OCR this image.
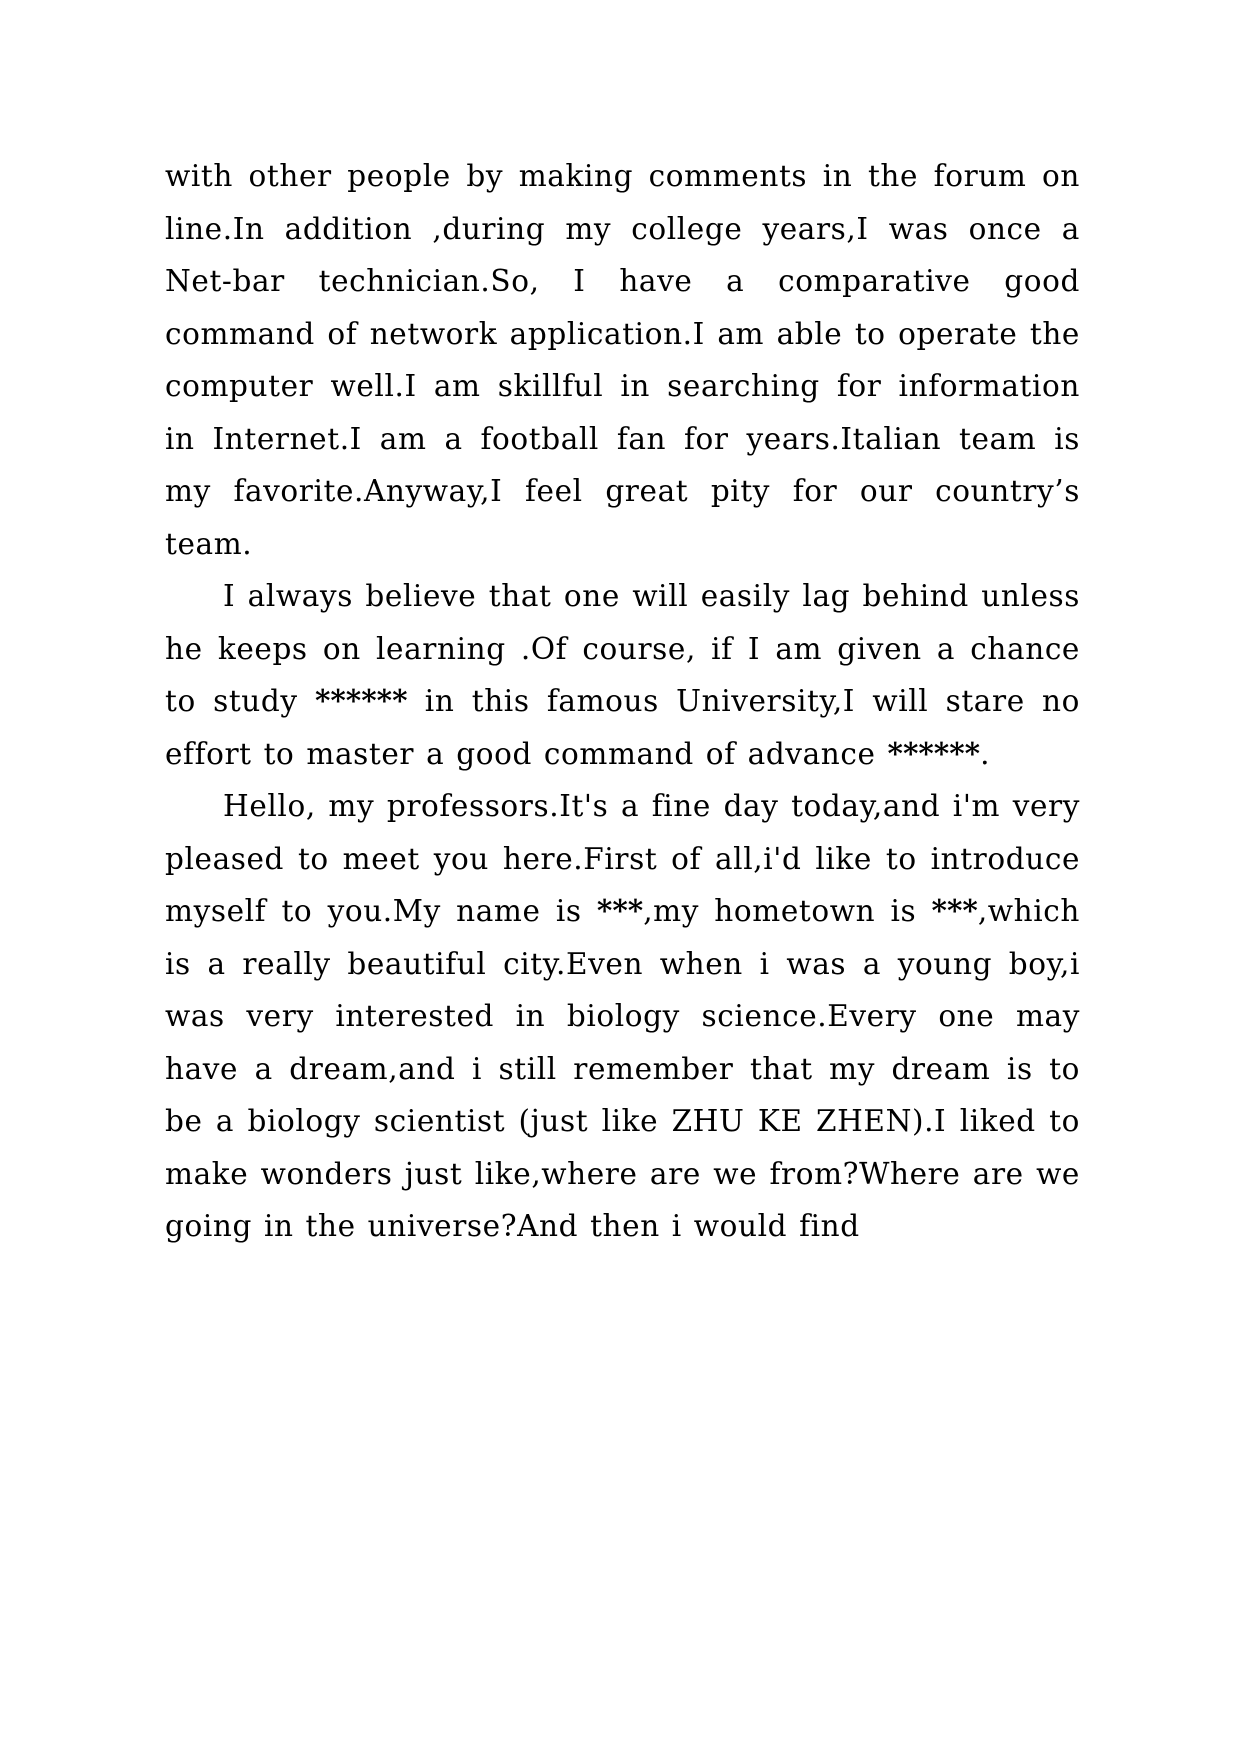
with other people by making comments in the forum on line.In addition ,during my college years,I was once a Net-bar technician.So, I have a comparative good command of network application.I am able to operate the computer well.I am skillful in searching for information in Internet.I am a football fan for years.Italian team is my favorite.Anyway,I feel great pity for our country’s team.

I always believe that one will easily lag behind unless he keeps on learning .Of course, if I am given a chance to study ****** in this famous University,I will stare no effort to master a good command of advance ******.

Hello, my professors.It's a fine day today,and i'm very pleased to meet you here.First of all,i'd like to introduce myself to you.My name is ***,my hometown is ***,which is a really beautiful city.Even when i was a young boy,i was very interested in biology science.Every one may have a dream,and i still remember that my dream is to be a biology scientist (just like ZHU KE ZHEN).I liked to make wonders just like,where are we from?Where are we going in the universe?And then i would find
